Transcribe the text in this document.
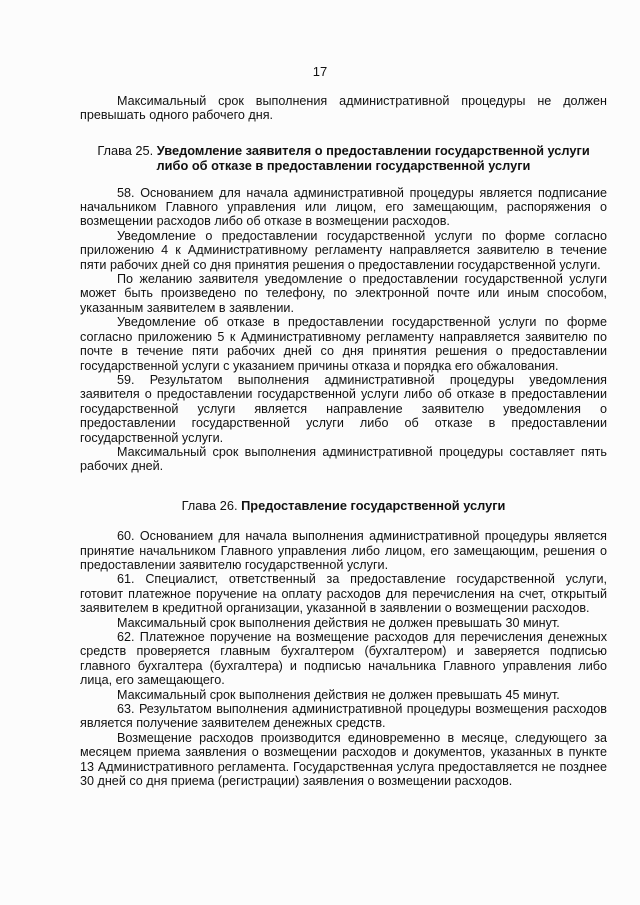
17

Максимальный срок выполнения административной процедуры не должен превышать одного рабочего дня.

Глава 25. Уведомление заявителя о предоставлении государственной услуги либо об отказе в предоставлении государственной услуги

58. Основанием для начала административной процедуры является подписание начальником Главного управления или лицом, его замещающим, распоряжения о возмещении расходов либо об отказе в возмещении расходов.

Уведомление о предоставлении государственной услуги по форме согласно приложению 4 к Административному регламенту направляется заявителю в течение пяти рабочих дней со дня принятия решения о предоставлении государственной услуги.

По желанию заявителя уведомление о предоставлении государственной услуги может быть произведено по телефону, по электронной почте или иным способом, указанным заявителем в заявлении.

Уведомление об отказе в предоставлении государственной услуги по форме согласно приложению 5 к Административному регламенту направляется заявителю по почте в течение пяти рабочих дней со дня принятия решения о предоставлении государственной услуги с указанием причины отказа и порядка его обжалования.

59. Результатом выполнения административной процедуры уведомления заявителя о предоставлении государственной услуги либо об отказе в предоставлении государственной услуги является направление заявителю уведомления о предоставлении государственной услуги либо об отказе в предоставлении государственной услуги.

Максимальный срок выполнения административной процедуры составляет пять рабочих дней.

Глава 26. Предоставление государственной услуги

60. Основанием для начала выполнения административной процедуры является принятие начальником Главного управления либо лицом, его замещающим, решения о предоставлении заявителю государственной услуги.

61. Специалист, ответственный за предоставление государственной услуги, готовит платежное поручение на оплату расходов для перечисления на счет, открытый заявителем в кредитной организации, указанной в заявлении о возмещении расходов.

Максимальный срок выполнения действия не должен превышать 30 минут.

62. Платежное поручение на возмещение расходов для перечисления денежных средств проверяется главным бухгалтером (бухгалтером) и заверяется подписью главного бухгалтера (бухгалтера) и подписью начальника Главного управления либо лица, его замещающего.

Максимальный срок выполнения действия не должен превышать 45 минут.

63. Результатом выполнения административной процедуры возмещения расходов является получение заявителем денежных средств.

Возмещение расходов производится единовременно в месяце, следующего за месяцем приема заявления о возмещении расходов и документов, указанных в пункте 13 Административного регламента. Государственная услуга предоставляется не позднее 30 дней со дня приема (регистрации) заявления о возмещении расходов.
